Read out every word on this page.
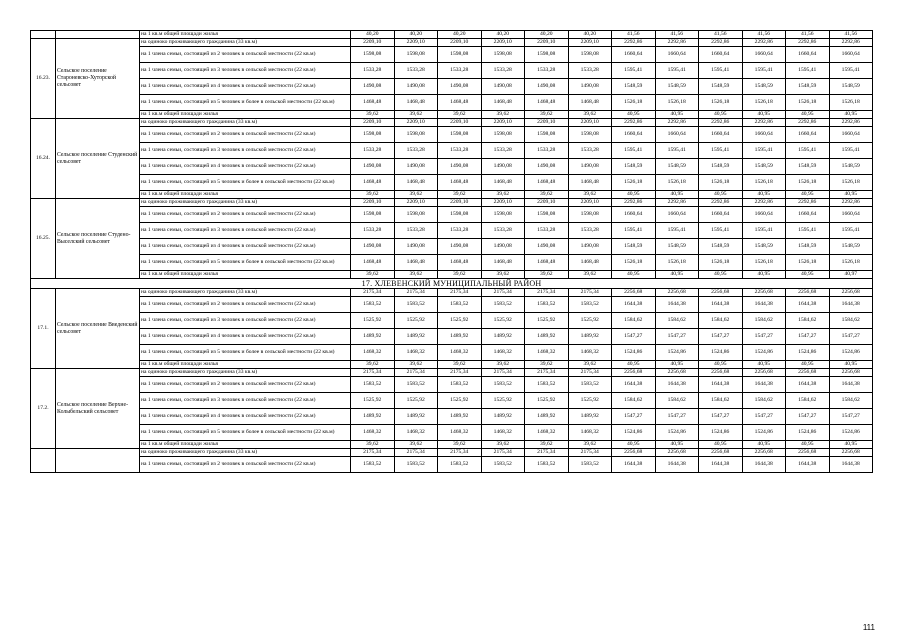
		на 1 кв.м общей площади жилья	40,20	40,20	40,20	40,20	40,20	40,20	41,56	41,56	41,56	41,56	41,56	41,56
16.23.	Сельское поселение Староневско-Хуторской сельсовет	на одиноко проживающего гражданина (33 кв.м)	2209,10	2209,10	2209,10	2209,10	2209,10	2209,10	2292,86	2292,86	2292,86	2292,86	2292,86	2292,86
		на 1 члена семьи, состоящей из 2 человек в сельской местности (22 кв.м)	1598,08	1598,08	1598,08	1598,08	1598,08	1598,08	1660,64	1660,64	1660,64	1660,64	1660,64	1660,64
		на 1 члена семьи, состоящей из 3 человек в сельской местности (22 кв.м)	1533,28	1533,28	1533,28	1533,28	1533,28	1533,28	1595,41	1595,41	1595,41	1595,41	1595,41	1595,41
		на 1 члена семьи, состоящей из 4 человек в сельской местности (22 кв.м)	1490,08	1490,08	1490,08	1490,08	1490,08	1490,08	1548,59	1548,59	1548,59	1548,59	1548,59	1548,59
		на 1 члена семьи, состоящей из 5 человек и более в сельской местности (22 кв.м)	1468,48	1468,48	1468,48	1468,48	1468,48	1468,48	1526,18	1526,18	1526,18	1526,18	1526,18	1526,18
		на 1 кв.м общей площади жилья	39,62	39,62	39,62	39,62	39,62	39,62	40,95	40,95	40,95	40,95	40,95	40,95
16.24.	Сельское поселение Студенский сельсовет	на одиноко проживающего гражданина (33 кв.м)	2209,10	2209,10	2209,10	2209,10	2209,10	2209,10	2292,86	2292,86	2292,86	2292,86	2292,86	2292,86
		на 1 члена семьи, состоящей из 2 человек в сельской местности (22 кв.м)	1598,08	1598,08	1598,08	1598,08	1598,08	1598,08	1660,64	1660,64	1660,64	1660,64	1660,64	1660,64
		на 1 члена семьи, состоящей из 3 человек в сельской местности (22 кв.м)	1533,28	1533,28	1533,28	1533,28	1533,28	1533,28	1595,41	1595,41	1595,41	1595,41	1595,41	1595,41
		на 1 члена семьи, состоящей из 4 человек в сельской местности (22 кв.м)	1490,08	1490,08	1490,08	1490,08	1490,08	1490,08	1548,59	1548,59	1548,59	1548,59	1548,59	1548,59
		на 1 члена семьи, состоящей из 5 человек и более в сельской местности (22 кв.м)	1468,48	1468,48	1468,48	1468,48	1468,48	1468,48	1526,18	1526,18	1526,18	1526,18	1526,18	1526,18
		на 1 кв.м общей площади жилья	39,62	39,62	39,62	39,62	39,62	39,62	40,95	40,95	40,95	40,95	40,95	40,95
16.25.	Сельское поселение Студено-Выселский сельсовет	на одиноко проживающего гражданина (33 кв.м)	2209,10	2209,10	2209,10	2209,10	2209,10	2209,10	2292,86	2292,86	2292,86	2292,86	2292,86	2292,86
		на 1 члена семьи, состоящей из 2 человек в сельской местности (22 кв.м)	1598,08	1598,08	1598,08	1598,08	1598,08	1598,08	1660,64	1660,64	1660,64	1660,64	1660,64	1660,64
		на 1 члена семьи, состоящей из 3 человек в сельской местности (22 кв.м)	1533,28	1533,28	1533,28	1533,28	1533,28	1533,28	1595,41	1595,41	1595,41	1595,41	1595,41	1595,41
		на 1 члена семьи, состоящей из 4 человек в сельской местности (22 кв.м)	1490,08	1490,08	1490,08	1490,08	1490,08	1490,08	1548,59	1548,59	1548,59	1548,59	1548,59	1548,59
		на 1 члена семьи, состоящей из 5 человек и более в сельской местности (22 кв.м)	1468,48	1468,48	1468,48	1468,48	1468,48	1468,48	1526,18	1526,18	1526,18	1526,18	1526,18	1526,18
		на 1 кв.м общей площади жилья	39,62	39,62	39,62	39,62	39,62	39,62	40,95	40,95	40,95	40,95	40,95	40,97
17. ХЛЕВЕНСКИЙ МУНИЦИПАЛЬНЫЙ РАЙОН														
17.1.	Сельское поселение Введенский сельсовет	на одиноко проживающего гражданина (33 кв.м)	2175,34	2175,34	2175,34	2175,34	2175,34	2175,34	2256,68	2256,68	2256,68	2256,68	2256,68	2256,68
		на 1 члена семьи, состоящей из 2 человек в сельской местности (22 кв.м)	1583,52	1583,52	1583,52	1583,52	1583,52	1583,52	1644,38	1644,38	1644,38	1644,38	1644,38	1644,38
		на 1 члена семьи, состоящей из 3 человек в сельской местности (22 кв.м)	1525,92	1525,92	1525,92	1525,92	1525,92	1525,92	1584,62	1584,62	1584,62	1584,62	1584,62	1584,62
		на 1 члена семьи, состоящей из 4 человек в сельской местности (22 кв.м)	1489,92	1489,92	1489,92	1489,92	1489,92	1489,92	1547,27	1547,27	1547,27	1547,27	1547,27	1547,27
		на 1 члена семьи, состоящей из 5 человек и более в сельской местности (22 кв.м)	1468,32	1468,32	1468,32	1468,32	1468,32	1468,32	1524,86	1524,86	1524,86	1524,86	1524,86	1524,86
		на 1 кв.м общей площади жилья	39,62	39,62	39,62	39,62	39,62	39,62	40,95	40,95	40,95	40,95	40,95	40,95
17.2.	Сельское поселение Верхне-Колыбельский сельсовет	на одиноко проживающего гражданина (33 кв.м)	2175,34	2175,34	2175,34	2175,34	2175,34	2175,34	2256,68	2256,68	2256,68	2256,68	2256,68	2256,68
		на 1 члена семьи, состоящей из 2 человек в сельской местности (22 кв.м)	1583,52	1583,52	1583,52	1583,52	1583,52	1583,52	1644,38	1644,38	1644,38	1644,38	1644,38	1644,38
		на 1 члена семьи, состоящей из 3 человек в сельской местности (22 кв.м)	1525,92	1525,92	1525,92	1525,92	1525,92	1525,92	1584,62	1584,62	1584,62	1584,62	1584,62	1584,62
		на 1 члена семьи, состоящей из 4 человек в сельской местности (22 кв.м)	1489,92	1489,92	1489,92	1489,92	1489,92	1489,92	1547,27	1547,27	1547,27	1547,27	1547,27	1547,27
		на 1 члена семьи, состоящей из 5 человек и более в сельской местности (22 кв.м)	1468,32	1468,32	1468,32	1468,32	1468,32	1468,32	1524,86	1524,86	1524,86	1524,86	1524,86	1524,86
		на 1 кв.м общей площади жилья	39,62	39,62	39,62	39,62	39,62	39,62	40,95	40,95	40,95	40,95	40,95	40,95
		на одиноко проживающего гражданина (33 кв.м)	2175,34	2175,34	2175,34	2175,34	2175,34	2175,34	2256,68	2256,68	2256,68	2256,68	2256,68	2256,68
		на 1 члена семьи, состоящей из 2 человек в сельской местности (22 кв.м)	1583,52	1583,52	1583,52	1583,52	1583,52	1583,52	1644,38	1644,38	1644,38	1644,38	1644,38	1644,38
111
